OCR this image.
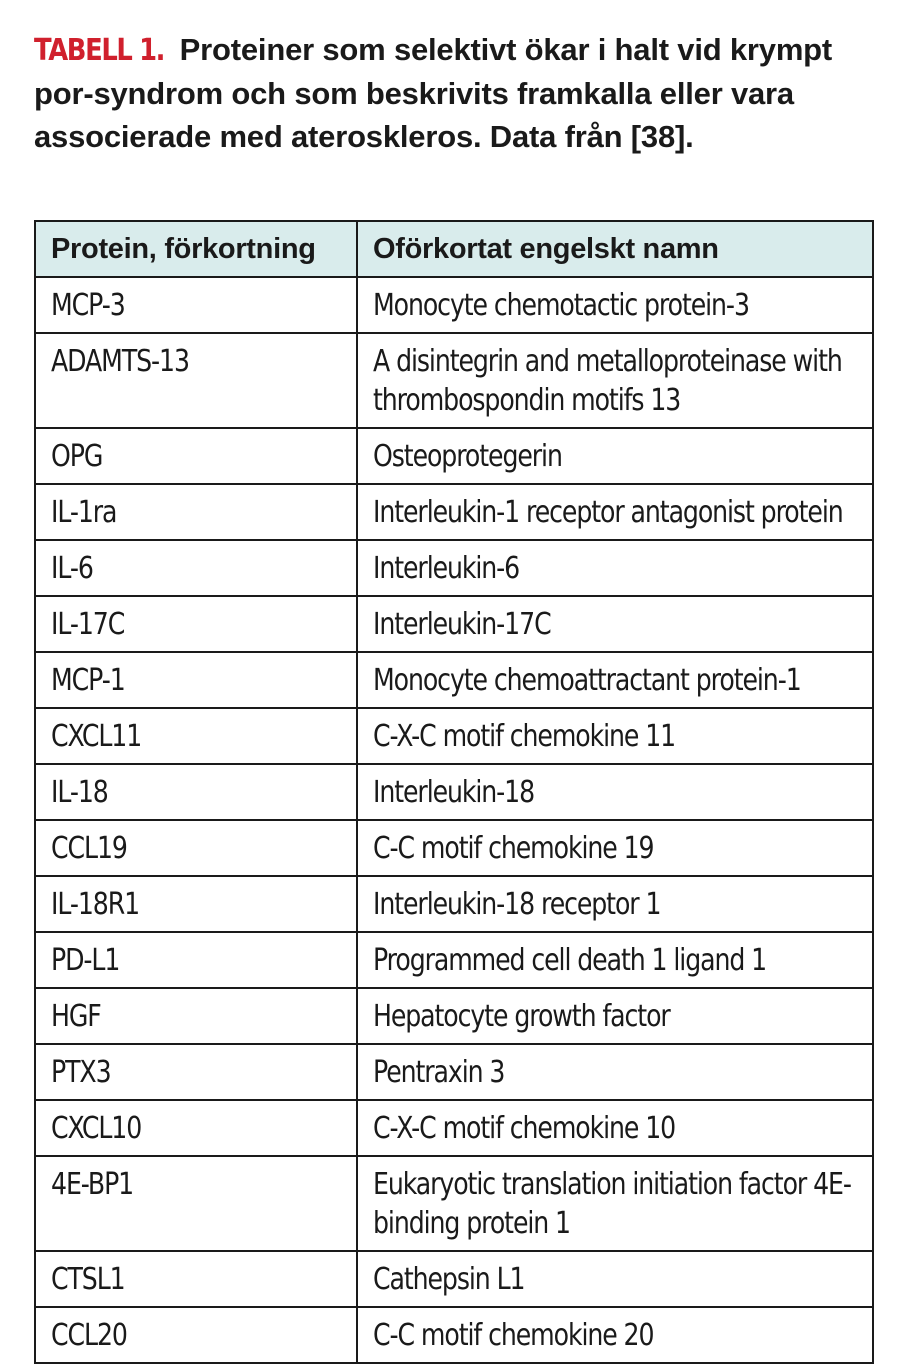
TABELL 1. Proteiner som selektivt ökar i halt vid krympt por-syndrom och som beskrivits framkalla eller vara associerade med ateroskleros. Data från [38].
Protein, förkortning	Oförkortat engelskt namn
MCP-3	Monocyte chemotactic protein-3
ADAMTS-13	A disintegrin and metalloproteinase with thrombospondin motifs 13

OPG	Osteoprotegerin
IL-1ra	Interleukin-1 receptor antagonist protein
IL-6	Interleukin-6
IL-17C	Interleukin-17C
MCP-1	Monocyte chemoattractant protein-1
CXCL11	C-X-C motif chemokine 11
IL-18	Interleukin-18
CCL19	C-C motif chemokine 19
IL-18R1	Interleukin-18 receptor 1
PD-L1	Programmed cell death 1 ligand 1
HGF	Hepatocyte growth factor
PTX3	Pentraxin 3
CXCL10	C-X-C motif chemokine 10
4E-BP1	Eukaryotic translation initiation factor 4E-binding protein 1

CTSL1	Cathepsin L1
CCL20	C-C motif chemokine 20
